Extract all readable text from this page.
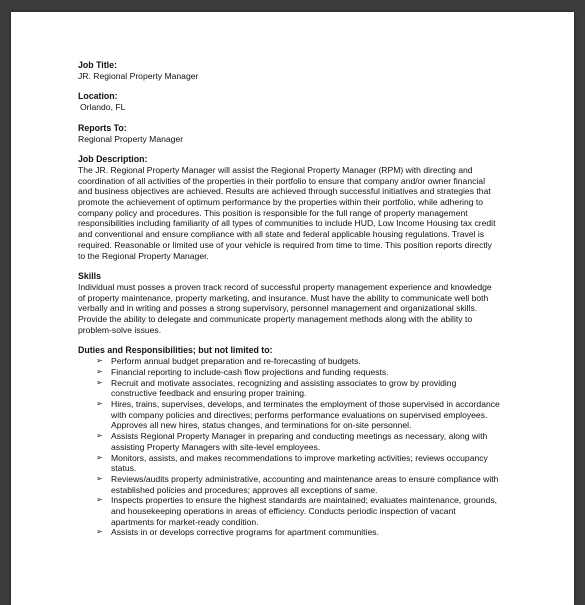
Job Title:
JR. Regional Property Manager
Location:
Orlando, FL
Reports To:
Regional Property Manager
Job Description:
The JR. Regional Property Manager will assist the Regional Property Manager (RPM) with directing and
coordination of all activities of the properties in their portfolio to ensure that company and/or owner financial
and business objectives are achieved. Results are achieved through successful initiatives and strategies that
promote the achievement of optimum performance by the properties within their portfolio, while adhering to
company policy and procedures. This position is responsible for the full range of property management
responsibilities including familiarity of all types of communities to include HUD, Low Income Housing tax credit
and conventional and ensure compliance with all state and federal applicable housing regulations. Travel is
required. Reasonable or limited use of your vehicle is required from time to time. This position reports directly
to the Regional Property Manager.
Skills
Individual must posses a proven track record of successful property management experience and knowledge
of property maintenance, property marketing, and insurance. Must have the ability to communicate well both
verbally and in writing and posses a strong supervisory, personnel management and organizational skills.
Provide the ability to delegate and communicate property management methods along with the ability to
problem-solve issues.
Duties and Responsibilities; but not limited to:
➢ Perform annual budget preparation and re-forecasting of budgets.
➢ Financial reporting to include-cash flow projections and funding requests.
➢ Recruit and motivate associates, recognizing and assisting associates to grow by providing
constructive feedback and ensuring proper training.
➢ Hires, trains, supervises, develops, and terminates the employment of those supervised in accordance
with company policies and directives; performs performance evaluations on supervised employees.
Approves all new hires, status changes, and terminations for on-site personnel.
➢ Assists Regional Property Manager in preparing and conducting meetings as necessary, along with
assisting Property Managers with site-level employees.
➢ Monitors, assists, and makes recommendations to improve marketing activities; reviews occupancy
status.
➢ Reviews/audits property administrative, accounting and maintenance areas to ensure compliance with
established policies and procedures; approves all exceptions of same.
➢ Inspects properties to ensure the highest standards are maintained; evaluates maintenance, grounds,
and housekeeping operations in areas of efficiency. Conducts periodic inspection of vacant
apartments for market-ready condition.
➢ Assists in or develops corrective programs for apartment communities.
